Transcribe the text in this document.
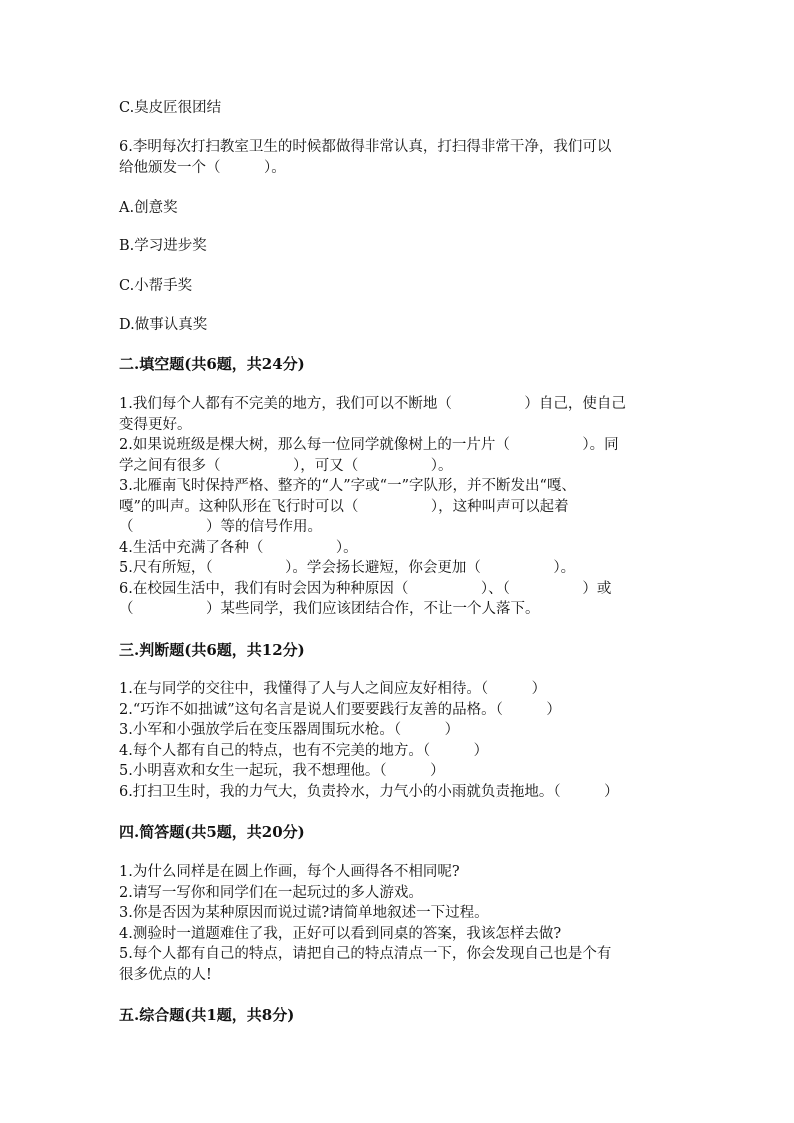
C.臭皮匠很团结
6.李明每次打扫教室卫生的时候都做得非常认真，打扫得非常干净，我们可以
给他颁发一个（　　　）。
A.创意奖
B.学习进步奖
C.小帮手奖
D.做事认真奖
二.填空题(共6题，共24分)
1.我们每个人都有不完美的地方，我们可以不断地（　　　　　）自己，使自己
变得更好。
2.如果说班级是棵大树，那么每一位同学就像树上的一片片（　　　　　）。同
学之间有很多（　　　　　），可又（　　　　　）。
3.北雁南飞时保持严格、整齐的“人”字或“一”字队形，并不断发出“嘎、
嘎”的叫声。这种队形在飞行时可以（　　　　　），这种叫声可以起着
（　　　　　）等的信号作用。
4.生活中充满了各种（　　　　　）。
5.尺有所短，（　　　　　）。学会扬长避短，你会更加（　　　　　）。
6.在校园生活中，我们有时会因为种种原因（　　　　　）、（　　　　　）或
（　　　　　）某些同学，我们应该团结合作，不让一个人落下。
三.判断题(共6题，共12分)
1.在与同学的交往中，我懂得了人与人之间应友好相待。（　　　）
2.“巧诈不如拙诚”这句名言是说人们要要践行友善的品格。（　　　）
3.小军和小强放学后在变压器周围玩水枪。（　　　）
4.每个人都有自己的特点，也有不完美的地方。（　　　）
5.小明喜欢和女生一起玩，我不想理他。（　　　）
6.打扫卫生时，我的力气大，负责拎水，力气小的小雨就负责拖地。（　　　）
四.简答题(共5题，共20分)
1.为什么同样是在圆上作画，每个人画得各不相同呢?
2.请写一写你和同学们在一起玩过的多人游戏。
3.你是否因为某种原因而说过谎?请简单地叙述一下过程。
4.测验时一道题难住了我，正好可以看到同桌的答案，我该怎样去做?
5.每个人都有自己的特点，请把自己的特点清点一下，你会发现自己也是个有
很多优点的人!
五.综合题(共1题，共8分)
